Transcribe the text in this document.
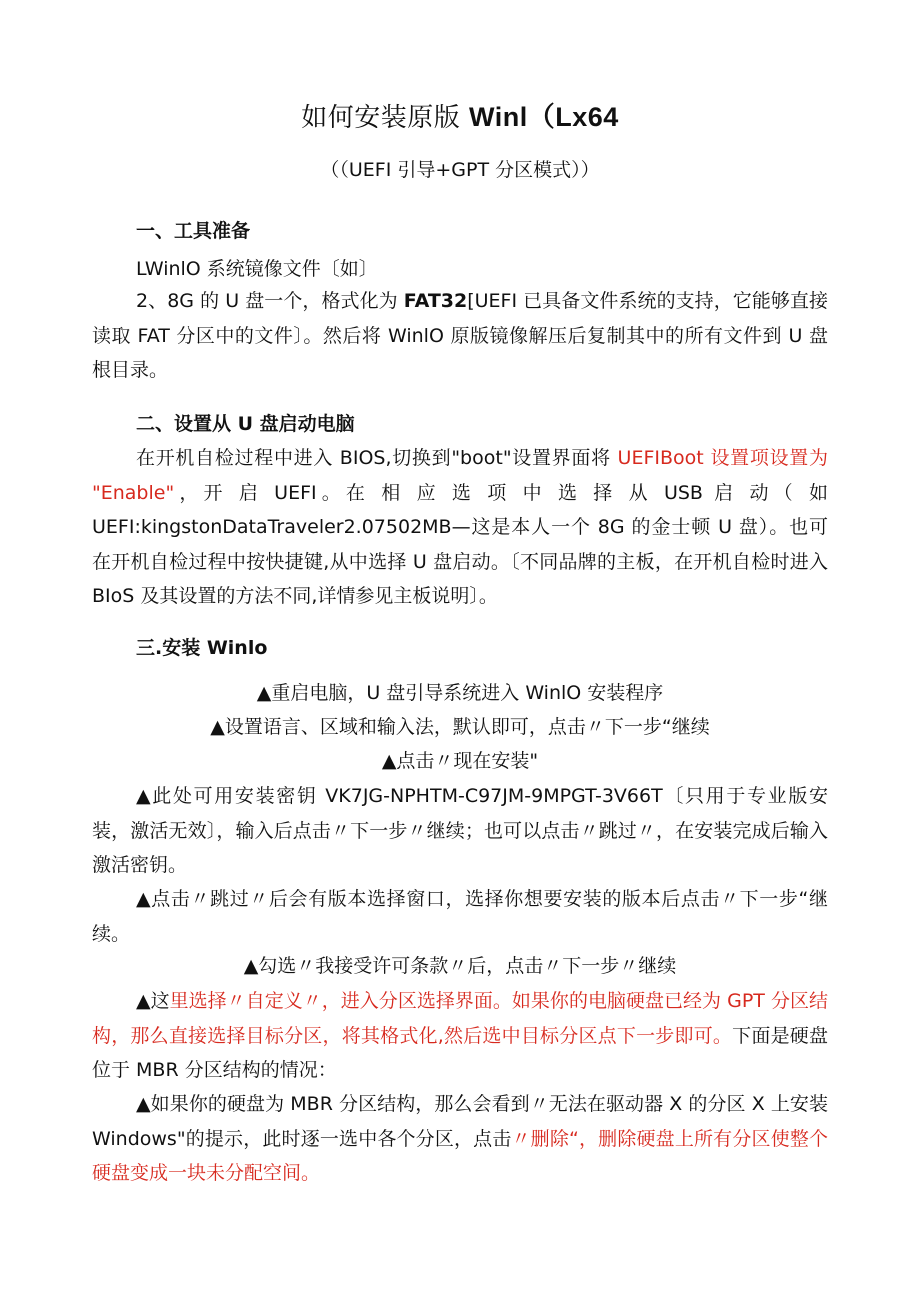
如何安装原版 Winl（Lx64
（（UEFI 引导+GPT 分区模式））
一、工具准备
LWinlO 系统镜像文件〔如〕
2、8G 的 U 盘一个，格式化为 FAT32[UEFI 已具备文件系统的支持，它能够直接读取 FAT 分区中的文件〕。然后将 WinlO 原版镜像解压后复制其中的所有文件到 U 盘根目录。
二、设置从 U 盘启动电脑
在开机自检过程中进入 BIOS,切换到"boot"设置界面将 UEFIBoot 设置项设置为 "Enable"，开 启 UEFI。在 相 应 选 项 中 选 择 从 USB 启 动（ 如 UEFI:kingstonDataTraveler2.07502MB—这是本人一个 8G 的金士顿 U 盘）。也可在开机自检过程中按快捷键,从中选择 U 盘启动。〔不同品牌的主板，在开机自检时进入 BIoS 及其设置的方法不同,详情参见主板说明〕。
三.安装 Winlo
▲重启电脑，U 盘引导系统进入 WinlO 安装程序
▲设置语言、区域和输入法，默认即可，点击〃下一步“继续
▲点击〃现在安装"
▲此处可用安装密钥 VK7JG-NPHTM-C97JM-9MPGT-3V66T〔只用于专业版安装，激活无效〕，输入后点击〃下一步〃继续；也可以点击〃跳过〃，在安装完成后输入激活密钥。
▲点击〃跳过〃后会有版本选择窗口，选择你想要安装的版本后点击〃下一步“继续。
▲勾选〃我接受许可条款〃后，点击〃下一步〃继续
▲这里选择〃自定义〃，进入分区选择界面。如果你的电脑硬盘已经为 GPT 分区结构，那么直接选择目标分区，将其格式化,然后选中目标分区点下一步即可。下面是硬盘位于 MBR 分区结构的情况：
▲如果你的硬盘为 MBR 分区结构，那么会看到〃无法在驱动器 X 的分区 X 上安装 Windows"的提示，此时逐一选中各个分区，点击〃删除“，删除硬盘上所有分区使整个硬盘变成一块未分配空间。
